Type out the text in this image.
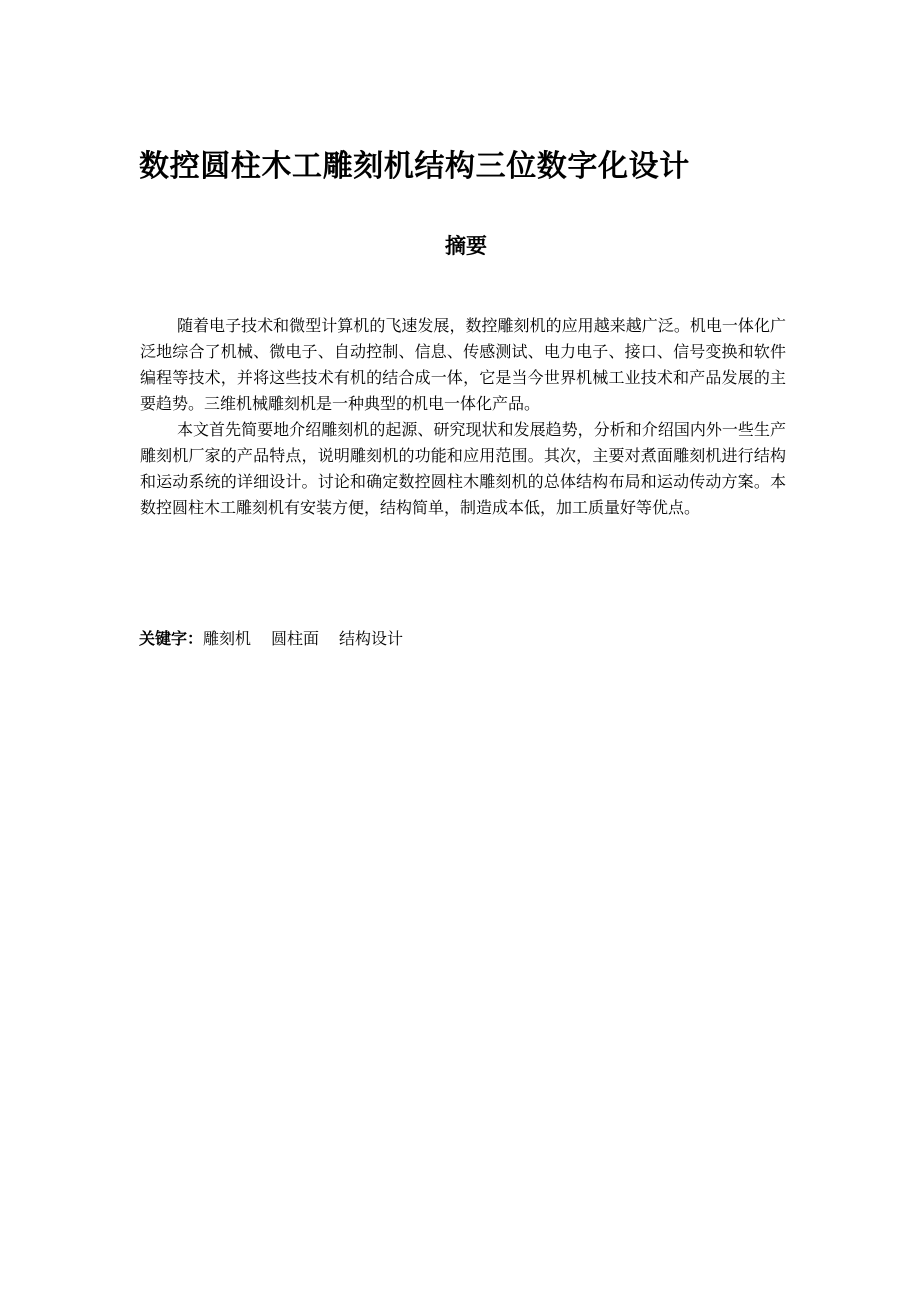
数控圆柱木工雕刻机结构三位数字化设计
摘要

随着电子技术和微型计算机的飞速发展，数控雕刻机的应用越来越广泛。机电一体化广泛地综合了机械、微电子、自动控制、信息、传感测试、电力电子、接口、信号变换和软件编程等技术，并将这些技术有机的结合成一体，它是当今世界机械工业技术和产品发展的主要趋势。三维机械雕刻机是一种典型的机电一体化产品。

本文首先简要地介绍雕刻机的起源、研究现状和发展趋势，分析和介绍国内外一些生产雕刻机厂家的产品特点，说明雕刻机的功能和应用范围。其次，主要对煮面雕刻机进行结构和运动系统的详细设计。讨论和确定数控圆柱木雕刻机的总体结构布局和运动传动方案。本数控圆柱木工雕刻机有安装方便，结构简单，制造成本低，加工质量好等优点。

关键字：雕刻机 圆柱面 结构设计
